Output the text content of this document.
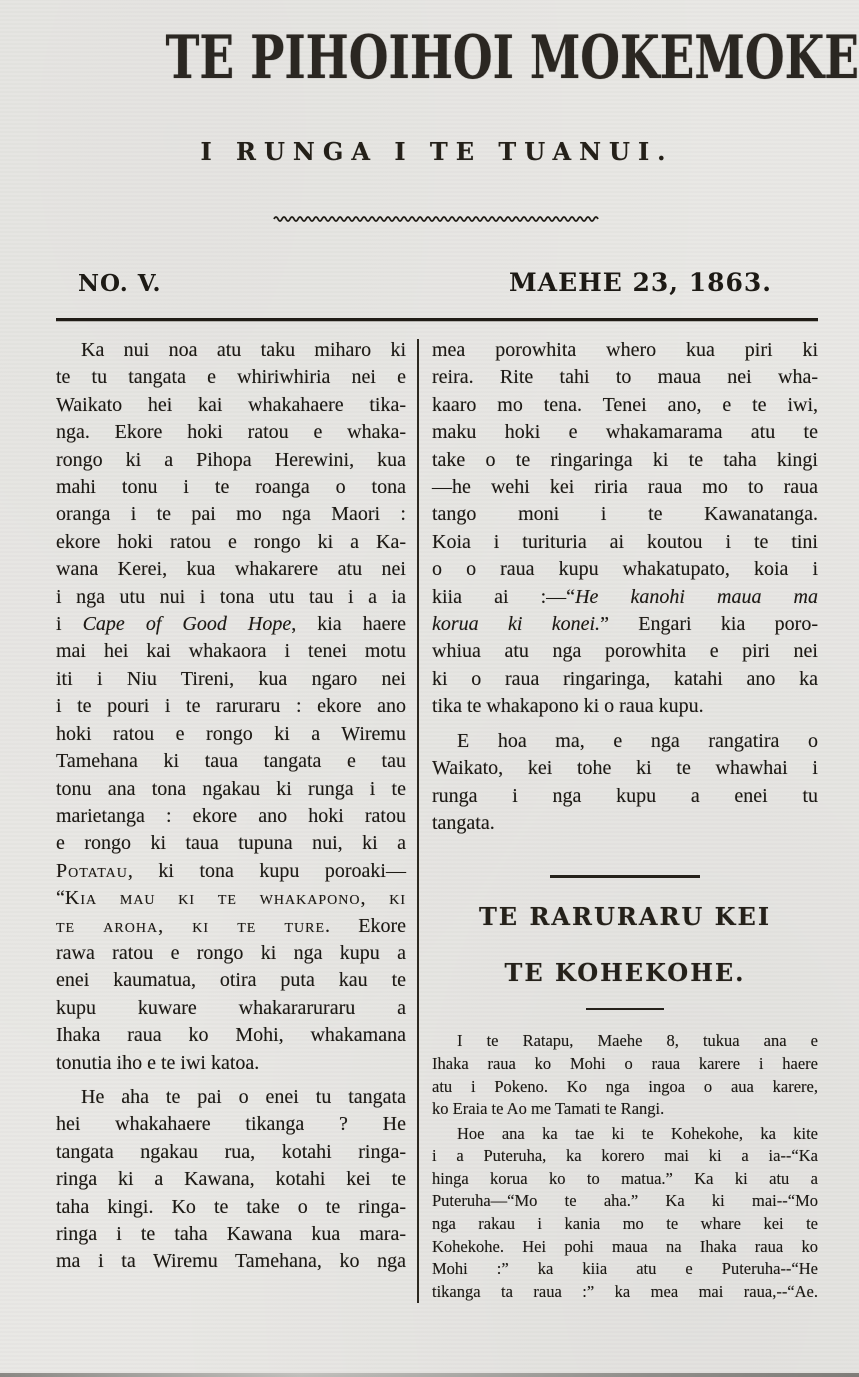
TE PIHOIHOI MOKEMOKE
I RUNGA I TE TUANUI.
NO. V.	MAEHE 23, 1863.
Ka nui noa atu taku miharo ki
te tu tangata e whiriwhiria nei e
Waikato hei kai whakahaere tika-
nga. Ekore hoki ratou e whaka-
rongo ki a Pihopa Herewini, kua
mahi tonu i te roanga o tona
oranga i te pai mo nga Maori :
ekore hoki ratou e rongo ki a Ka-
wana Kerei, kua whakarere atu nei
i nga utu nui i tona utu tau i a ia
i Cape of Good Hope, kia haere
mai hei kai whakaora i tenei motu
iti i Niu Tireni, kua ngaro nei
i te pouri i te raruraru : ekore ano
hoki ratou e rongo ki a Wiremu
Tamehana ki taua tangata e tau
tonu ana tona ngakau ki runga i te
marietanga : ekore ano hoki ratou
e rongo ki taua tupuna nui, ki a
Potatau, ki tona kupu poroaki—
“Kia mau ki te whakapono, ki
te aroha, ki te ture. Ekore
rawa ratou e rongo ki nga kupu a
enei kaumatua, otira puta kau te
kupu kuware whakararuraru a
Ihaka raua ko Mohi, whakamana
tonutia iho e te iwi katoa.
He aha te pai o enei tu tangata
hei whakahaere tikanga ? He
tangata ngakau rua, kotahi ringa-
ringa ki a Kawana, kotahi kei te
taha kingi. Ko te take o te ringa-
ringa i te taha Kawana kua mara-
ma i ta Wiremu Tamehana, ko nga
mea porowhita whero kua piri ki
reira. Rite tahi to maua nei wha-
kaaro mo tena. Tenei ano, e te iwi,
maku hoki e whakamarama atu te
take o te ringaringa ki te taha kingi
—he wehi kei riria raua mo to raua
tango moni i te Kawanatanga.
Koia i turituria ai koutou i te tini
o o raua kupu whakatupato, koia i
kiia ai :—“He kanohi maua ma
korua ki konei.” Engari kia poro-
whiua atu nga porowhita e piri nei
ki o raua ringaringa, katahi ano ka
tika te whakapono ki o raua kupu.
E hoa ma, e nga rangatira o
Waikato, kei tohe ki te whawhai i
runga i nga kupu a enei tu
tangata.
TE RARURARU KEI
TE KOHEKOHE.
I te Ratapu, Maehe 8, tukua ana e
Ihaka raua ko Mohi o raua karere i haere
atu i Pokeno. Ko nga ingoa o aua karere,
ko Eraia te Ao me Tamati te Rangi.
Hoe ana ka tae ki te Kohekohe, ka kite
i a Puteruha, ka korero mai ki a ia--“Ka
hinga korua ko to matua.” Ka ki atu a
Puteruha—“Mo te aha.” Ka ki mai--“Mo
nga rakau i kania mo te whare kei te
Kohekohe. Hei pohi maua na Ihaka raua ko
Mohi :” ka kiia atu e Puteruha--“He
tikanga ta raua :” ka mea mai raua,--“Ae.
